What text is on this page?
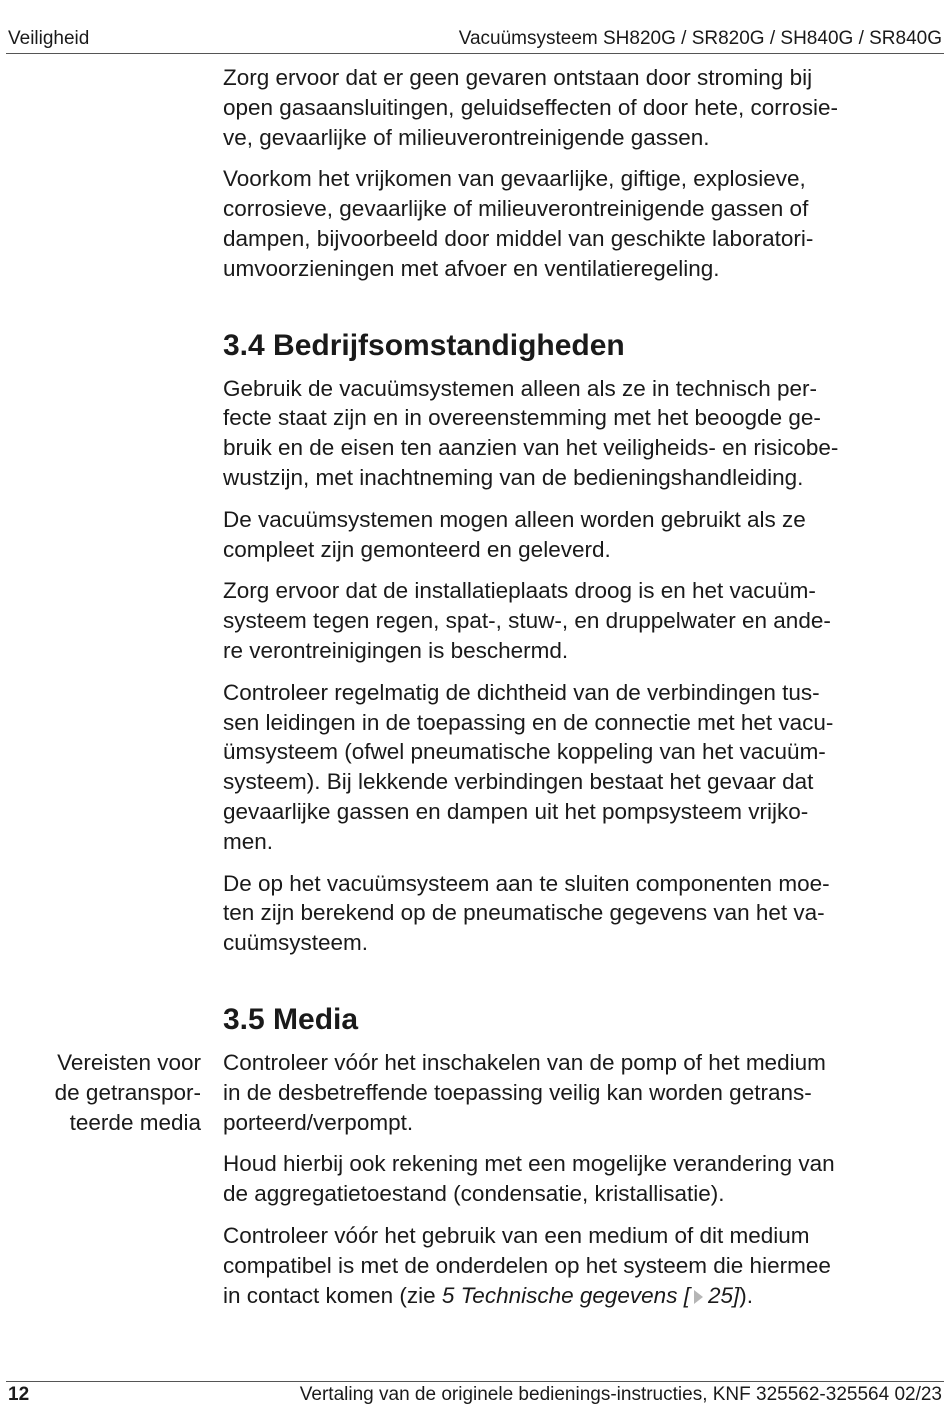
Veiligheid	Vacuümsysteem SH820G / SR820G / SH840G / SR840G

Zorg ervoor dat er geen gevaren ontstaan door stroming bij
open gasaansluitingen, geluidseffecten of door hete, corrosie-
ve, gevaarlijke of milieuverontreinigende gassen.

Voorkom het vrijkomen van gevaarlijke, giftige, explosieve,
corrosieve, gevaarlijke of milieuverontreinigende gassen of
dampen, bijvoorbeeld door middel van geschikte laboratori-
umvoorzieningen met afvoer en ventilatieregeling.

3.4 Bedrijfsomstandigheden

Gebruik de vacuümsystemen alleen als ze in technisch per-
fecte staat zijn en in overeenstemming met het beoogde ge-
bruik en de eisen ten aanzien van het veiligheids- en risicobe-
wustzijn, met inachtneming van de bedieningshandleiding.

De vacuümsystemen mogen alleen worden gebruikt als ze
compleet zijn gemonteerd en geleverd.

Zorg ervoor dat de installatieplaats droog is en het vacuüm-
systeem tegen regen, spat-, stuw-, en druppelwater en ande-
re verontreinigingen is beschermd.

Controleer regelmatig de dichtheid van de verbindingen tus-
sen leidingen in de toepassing en de connectie met het vacu-
ümsysteem (ofwel pneumatische koppeling van het vacuüm-
systeem). Bij lekkende verbindingen bestaat het gevaar dat
gevaarlijke gassen en dampen uit het pompsysteem vrijko-
men.

De op het vacuümsysteem aan te sluiten componenten moe-
ten zijn berekend op de pneumatische gegevens van het va-
cuümsysteem.

3.5 Media

Controleer vóór het inschakelen van de pomp of het medium
in de desbetreffende toepassing veilig kan worden getrans-
porteerd/verpompt.

Houd hierbij ook rekening met een mogelijke verandering van
de aggregatietoestand (condensatie, kristallisatie).

Controleer vóór het gebruik van een medium of dit medium
compatibel is met de onderdelen op het systeem die hiermee
in contact komen (zie 5 Technische gegevens [ 25]).

Vereisten voor
de getranspor-
teerde media
12	Vertaling van de originele bedienings-instructies, KNF 325562-325564 02/23
